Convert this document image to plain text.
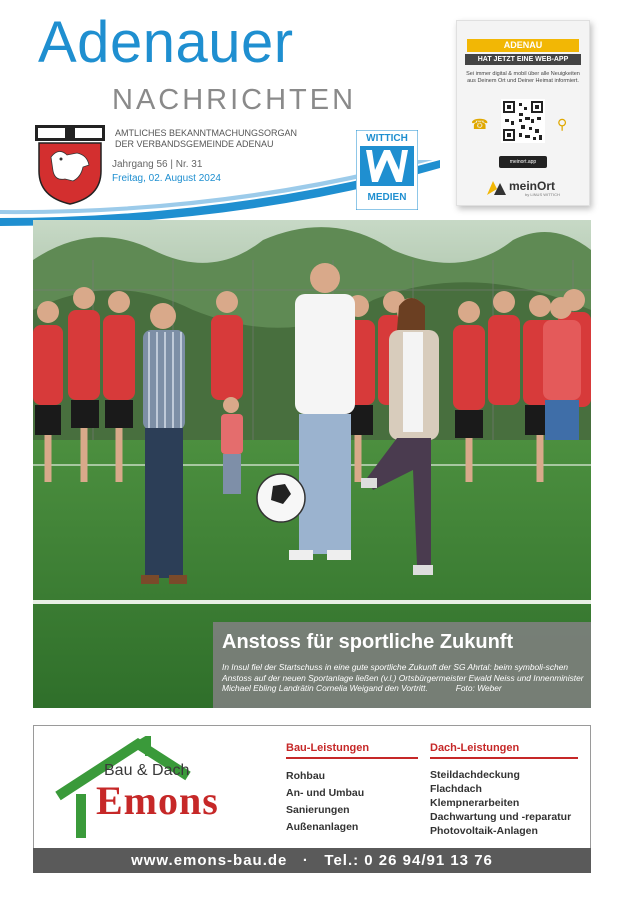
Adenauer
NACHRICHTEN
AMTLICHES BEKANNTMACHUNGSORGAN
DER VERBANDSGEMEINDE ADENAU
Jahrgang 56 | Nr. 31
Freitag, 02. August 2024
WITTICH
MEDIEN
ADENAU
HAT JETZT EINE WEB-APP
Sei immer digital & mobil über alle Neuigkeiten aus Deinem Ort und Deiner Heimat informiert.
☎	⚲
meinort.app
meinOrt
by LINUS WITTICH
Anstoss für sportliche Zukunft
In Insul fiel der Startschuss in eine gute sportliche Zukunft der SG Ahrtal: beim symboli-schen Anstoss auf der neuen Sportanlage ließen (v.l.) Ortsbürgermeister Ewald Neiss und Innenminister Michael Ebling Landrätin Cornelia Weigand den Vortritt.	Foto: Weber
Bau & Dach
Emons
Bau-Leistungen
Rohbau
An- und Umbau
Sanierungen
Außenanlagen
Dach-Leistungen
Steildachdeckung
Flachdach
Klempnerarbeiten
Dachwartung und -reparatur
Photovoltaik-Anlagen
www.emons-bau.de   ·   Tel.: 0 26 94/91 13 76
